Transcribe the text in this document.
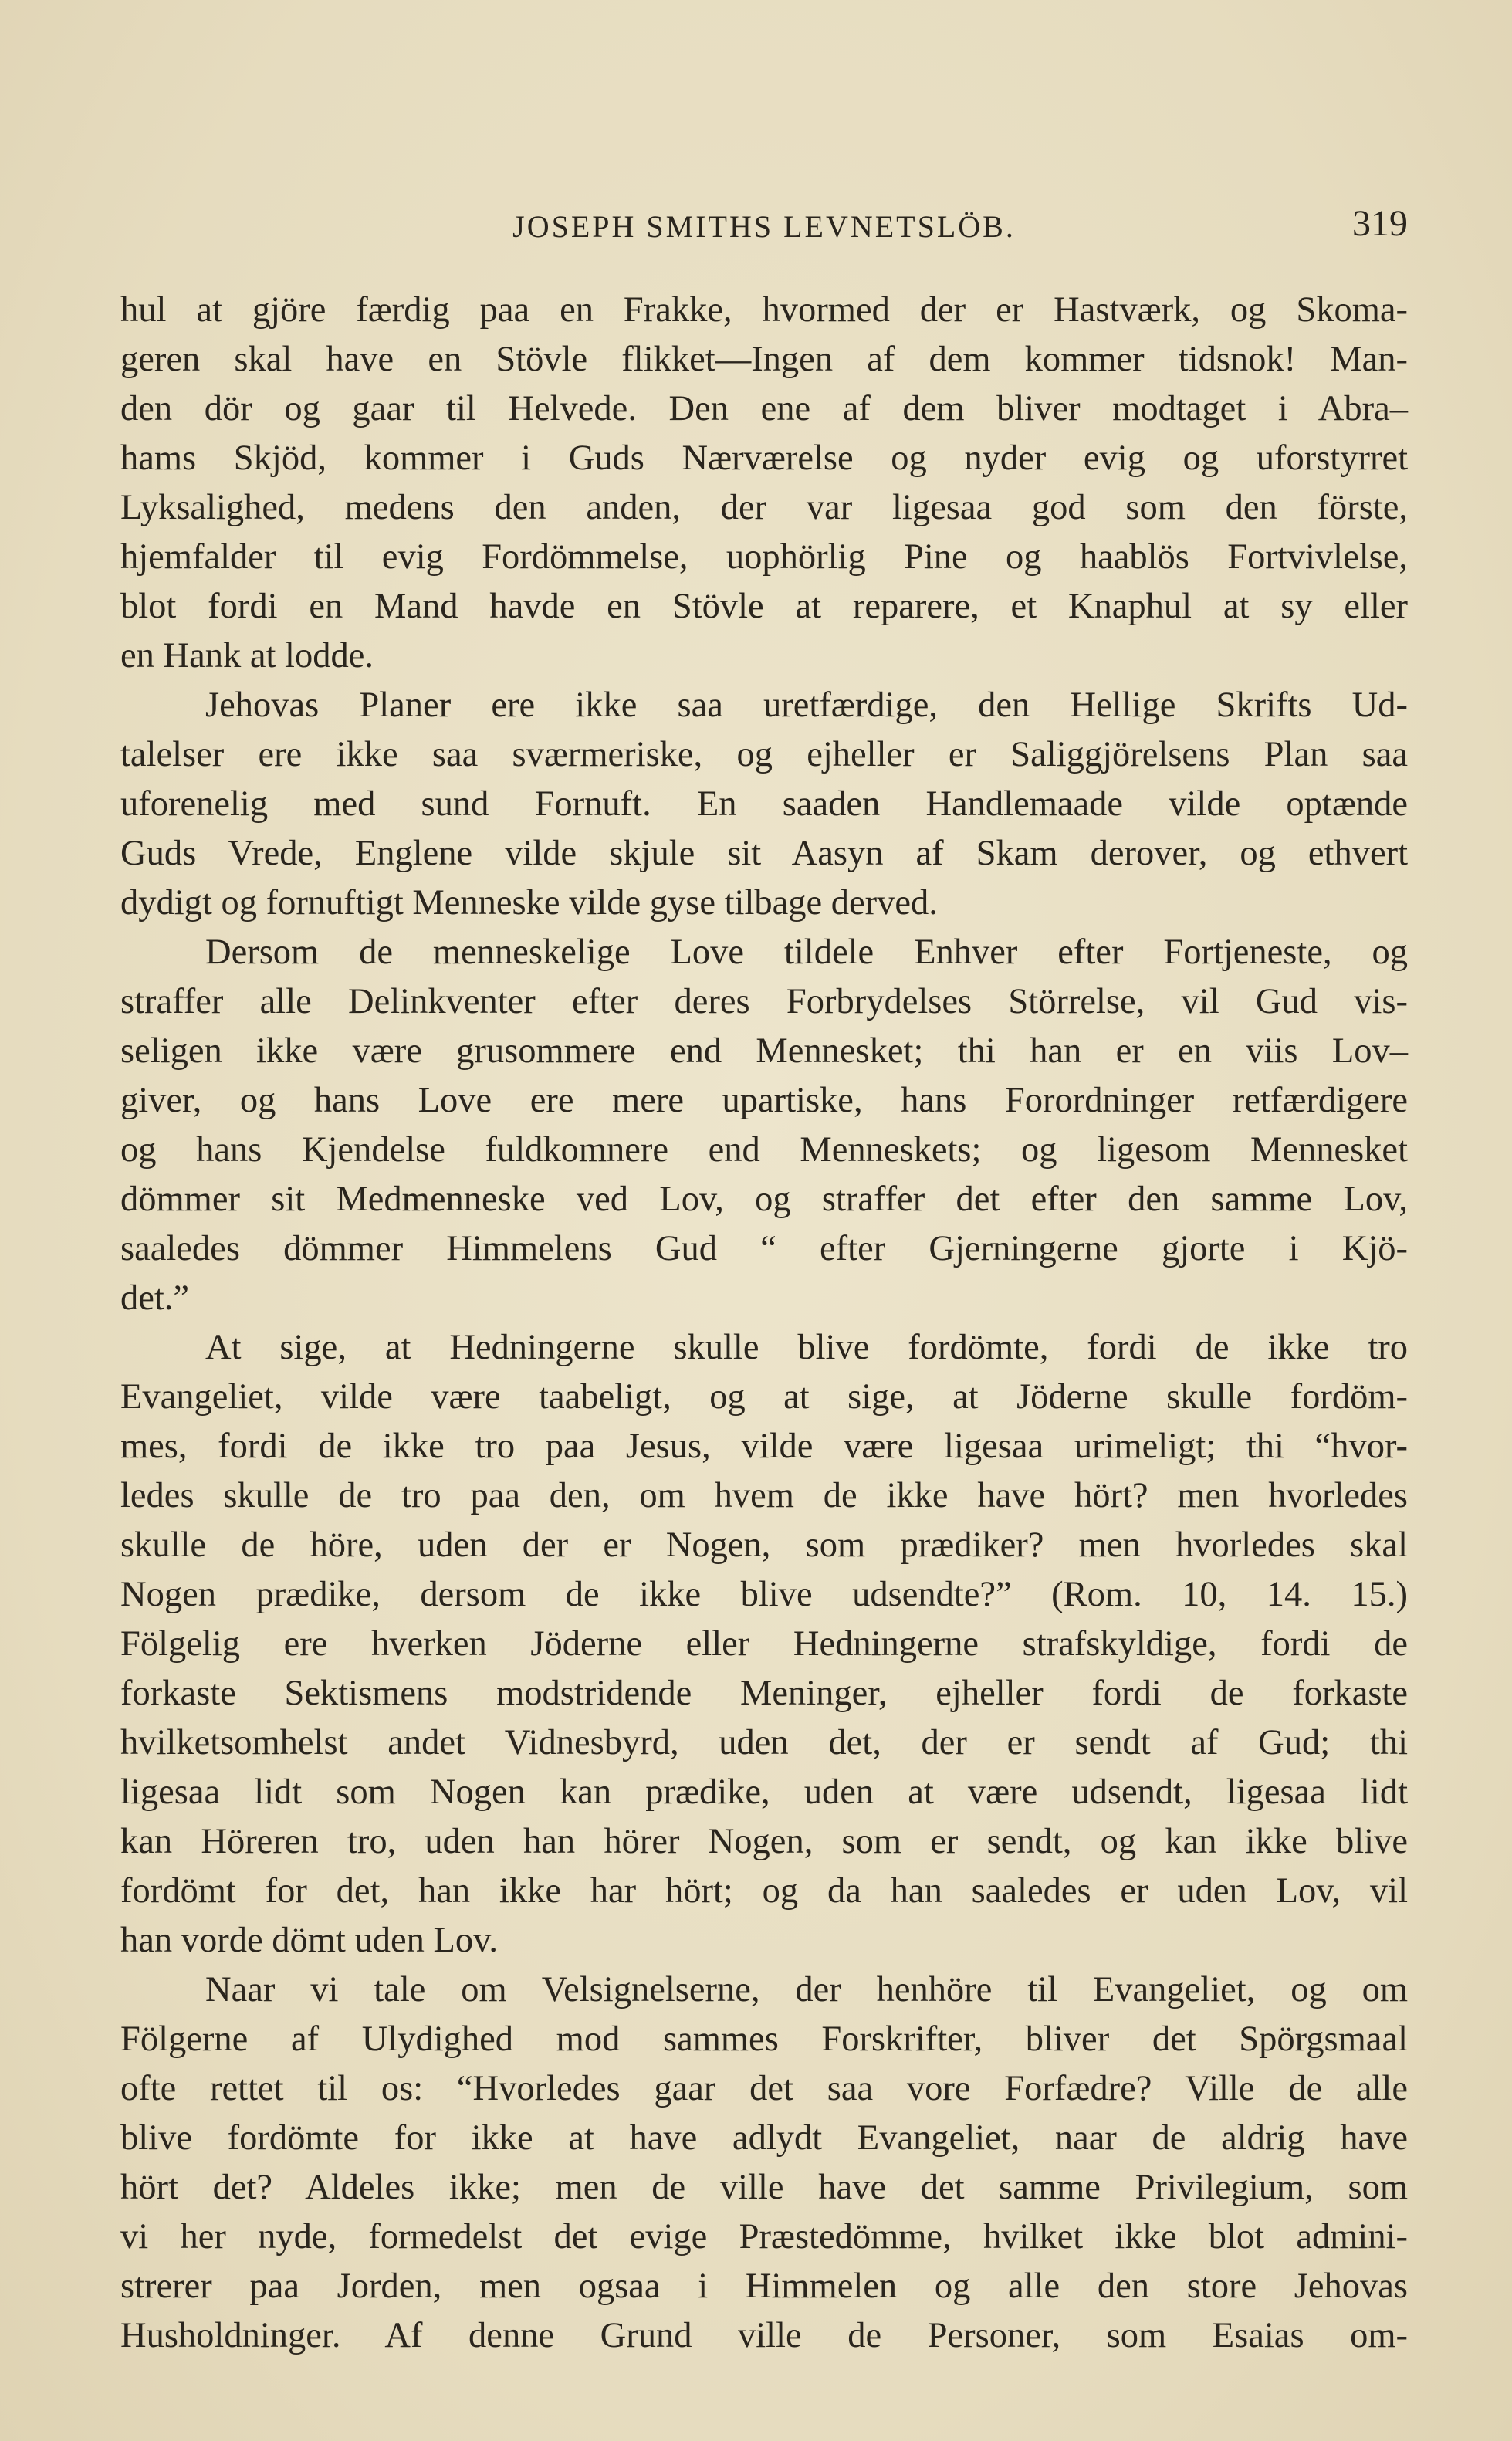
JOSEPH SMITHS LEVNETSLÖB.	319
hul at gjöre færdig paa en Frakke, hvormed der er Hastværk, og Skoma-
geren skal have en Stövle flikket—Ingen af dem kommer tidsnok! Man-
den dör og gaar til Helvede. Den ene af dem bliver modtaget i Abra–
hams Skjöd, kommer i Guds Nærværelse og nyder evig og uforstyrret
Lyksalighed, medens den anden, der var ligesaa god som den förste,
hjemfalder til evig Fordömmelse, uophörlig Pine og haablös Fortvivlelse,
blot fordi en Mand havde en Stövle at reparere, et Knaphul at sy eller
en Hank at lodde.
Jehovas Planer ere ikke saa uretfærdige, den Hellige Skrifts Ud-
talelser ere ikke saa sværmeriske, og ejheller er Saliggjörelsens Plan saa
uforenelig med sund Fornuft. En saaden Handlemaade vilde optænde
Guds Vrede, Englene vilde skjule sit Aasyn af Skam derover, og ethvert
dydigt og fornuftigt Menneske vilde gyse tilbage derved.
Dersom de menneskelige Love tildele Enhver efter Fortjeneste, og
straffer alle Delinkventer efter deres Forbrydelses Störrelse, vil Gud vis-
seligen ikke være grusommere end Mennesket; thi han er en viis Lov–
giver, og hans Love ere mere upartiske, hans Forordninger retfærdigere
og hans Kjendelse fuldkomnere end Menneskets; og ligesom Mennesket
dömmer sit Medmenneske ved Lov, og straffer det efter den samme Lov,
saaledes dömmer Himmelens Gud “ efter Gjerningerne gjorte i Kjö-
det.”
At sige, at Hedningerne skulle blive fordömte, fordi de ikke tro
Evangeliet, vilde være taabeligt, og at sige, at Jöderne skulle fordöm-
mes, fordi de ikke tro paa Jesus, vilde være ligesaa urimeligt; thi “hvor-
ledes skulle de tro paa den, om hvem de ikke have hört? men hvorledes
skulle de höre, uden der er Nogen, som prædiker? men hvorledes skal
Nogen prædike, dersom de ikke blive udsendte?” (Rom. 10, 14. 15.)
Fölgelig ere hverken Jöderne eller Hedningerne strafskyldige, fordi de
forkaste Sektismens modstridende Meninger, ejheller fordi de forkaste
hvilketsomhelst andet Vidnesbyrd, uden det, der er sendt af Gud; thi
ligesaa lidt som Nogen kan prædike, uden at være udsendt, ligesaa lidt
kan Höreren tro, uden han hörer Nogen, som er sendt, og kan ikke blive
fordömt for det, han ikke har hört; og da han saaledes er uden Lov, vil
han vorde dömt uden Lov.
Naar vi tale om Velsignelserne, der henhöre til Evangeliet, og om
Fölgerne af Ulydighed mod sammes Forskrifter, bliver det Spörgsmaal
ofte rettet til os: “Hvorledes gaar det saa vore Forfædre? Ville de alle
blive fordömte for ikke at have adlydt Evangeliet, naar de aldrig have
hört det? Aldeles ikke; men de ville have det samme Privilegium, som
vi her nyde, formedelst det evige Præstedömme, hvilket ikke blot admini-
strerer paa Jorden, men ogsaa i Himmelen og alle den store Jehovas
Husholdninger. Af denne Grund ville de Personer, som Esaias om-
